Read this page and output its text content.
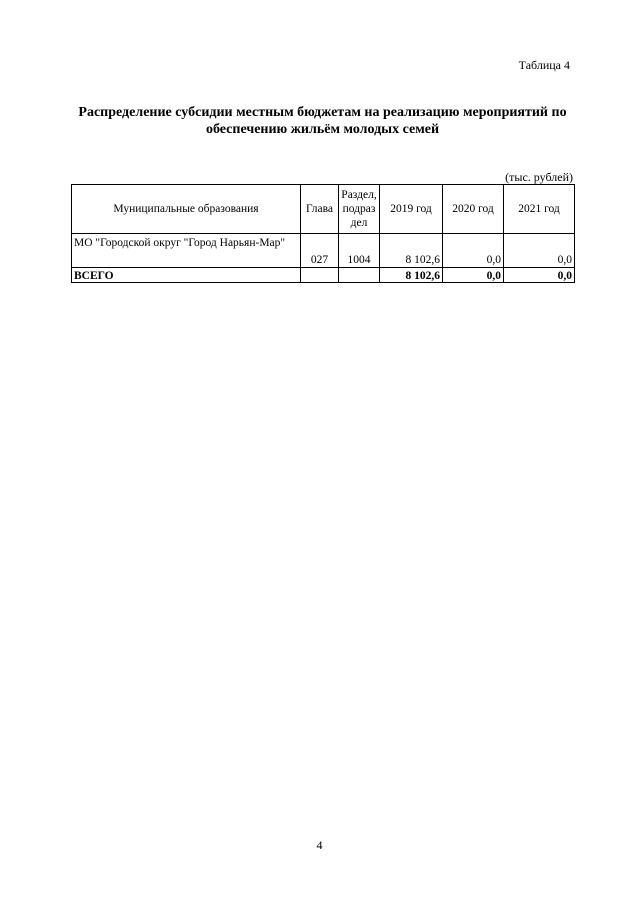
Таблица 4
Распределение субсидии местным бюджетам на реализацию мероприятий по обеспечению жильём молодых семей
(тыс. рублей)
Муниципальные образования	Глава	Раздел, подраз дел	2019 год	2020 год	2021 год
МО "Городской округ "Город Нарьян-Мар"	027	1004	8 102,6	0,0	0,0
ВСЕГО			8 102,6	0,0	0,0
4
